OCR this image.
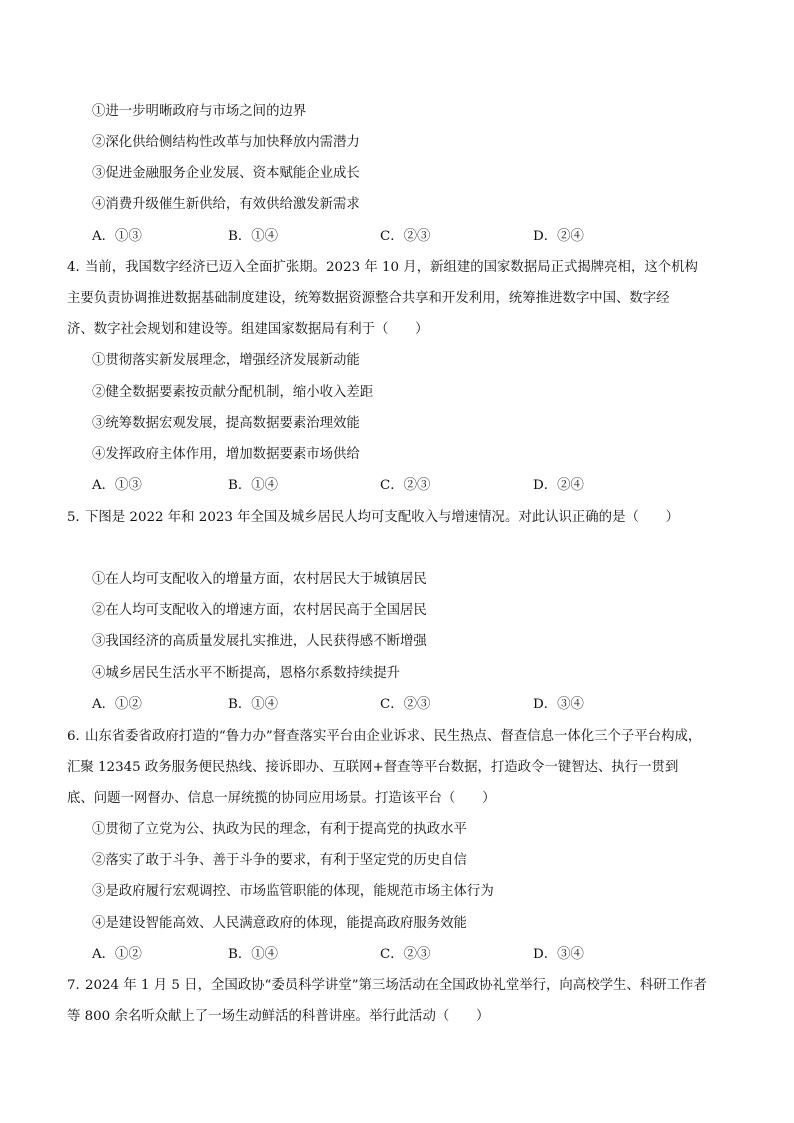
①进一步明晰政府与市场之间的边界
②深化供给侧结构性改革与加快释放内需潜力
③促进金融服务企业发展、资本赋能企业成长
④消费升级催生新供给，有效供给激发新需求
A．①③	B．①④	C．②③	D．②④
4．
当前，我国数字经济已迈入全面扩张期。2023 年 10 月，新组建的国家数据局正式揭牌亮相，这个机构
主要负责协调推进数据基础制度建设，统筹数据资源整合共享和开发利用，统筹推进数字中国、数字经
济、数字社会规划和建设等。组建国家数据局有利于（　　）
①贯彻落实新发展理念，增强经济发展新动能
②健全数据要素按贡献分配机制，缩小收入差距
③统筹数据宏观发展，提高数据要素治理效能
④发挥政府主体作用，增加数据要素市场供给
A．①③	B．①④	C．②③	D．②④
5．
下图是 2022 年和 2023 年全国及城乡居民人均可支配收入与增速情况。对此认识正确的是（　　）
①在人均可支配收入的增量方面，农村居民大于城镇居民
②在人均可支配收入的增速方面，农村居民高于全国居民
③我国经济的高质量发展扎实推进，人民获得感不断增强
④城乡居民生活水平不断提高，恩格尔系数持续提升
A．①②	B．①④	C．②③	D．③④
6．
山东省委省政府打造的“鲁力办”督查落实平台由企业诉求、民生热点、督查信息一体化三个子平台构成，
汇聚 12345 政务服务便民热线、接诉即办、互联网+督查等平台数据，打造政令一键智达、执行一贯到
底、问题一网督办、信息一屏统揽的协同应用场景。打造该平台（　　）
①贯彻了立党为公、执政为民的理念，有利于提高党的执政水平
②落实了敢于斗争、善于斗争的要求，有利于坚定党的历史自信
③是政府履行宏观调控、市场监管职能的体现，能规范市场主体行为
④是建设智能高效、人民满意政府的体现，能提高政府服务效能
A．①②	B．①④	C．②③	D．③④
7．
2024 年 1 月 5 日，全国政协“委员科学讲堂”第三场活动在全国政协礼堂举行，向高校学生、科研工作者
等 800 余名听众献上了一场生动鲜活的科普讲座。举行此活动（　　）
